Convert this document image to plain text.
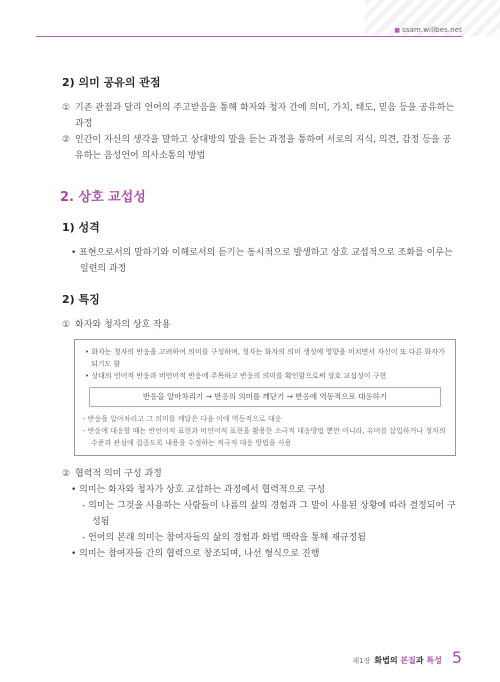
■ ssam.willbes.net
2) 의미 공유의 관점
① 기존 관점과 달리 언어의 주고받음을 통해 화자와 청자 간에 의미, 가치, 태도, 믿음 등을 공유하는 과정
② 인간이 자신의 생각을 말하고 상대방의 말을 듣는 과정을 통하여 서로의 지식, 의견, 감정 등을 공유하는 음성언어 의사소통의 방법
2. 상호 교섭성
1) 성격
• 표현으로서의 말하기와 이해로서의 듣기는 동시적으로 발생하고 상호 교섭적으로 조화를 이루는 일련의 과정
2) 특징
① 화자와 청자의 상호 작용
• 화자는 청자의 반응을 고려하여 의미를 구성하며, 청자는 화자의 의미 생성에 영향을 미치면서 자신이 또 다른 화자가 되기도 함
• 상대의 언어적 반응과 비언어적 반응에 주목하고 반응의 의미를 확인함으로써 상호 교섭성이 구현
반응을 알아차리기 → 반응의 의미를 깨닫기 → 반응에 역동적으로 대응하기
- 반응을 알아차리고 그 의미를 깨달은 다음 이에 역동적으로 대응
- 반응에 대응할 때는 반언어적 표현과 비언어적 표현을 활용한 소극적 대응방법 뿐만 아니라, 유머를 삽입하거나 청자의 수준과 관심에 집중도록 내용을 수정하는 적극적 대응 방법을 사용
② 협력적 의미 구성 과정
• 의미는 화자와 청자가 상호 교섭하는 과정에서 협력적으로 구성
- 의미는 그것을 사용하는 사람들이 나름의 삶의 경험과 그 말이 사용된 상황에 따라 결정되어 구성됨
- 언어의 본래 의미는 참여자들의 삶의 경험과 화법 맥락을 통해 재규정됨
• 의미는 참여자들 간의 협력으로 창조되며, 나선 형식으로 진행
제1장 화법의 본질과 특성 5
